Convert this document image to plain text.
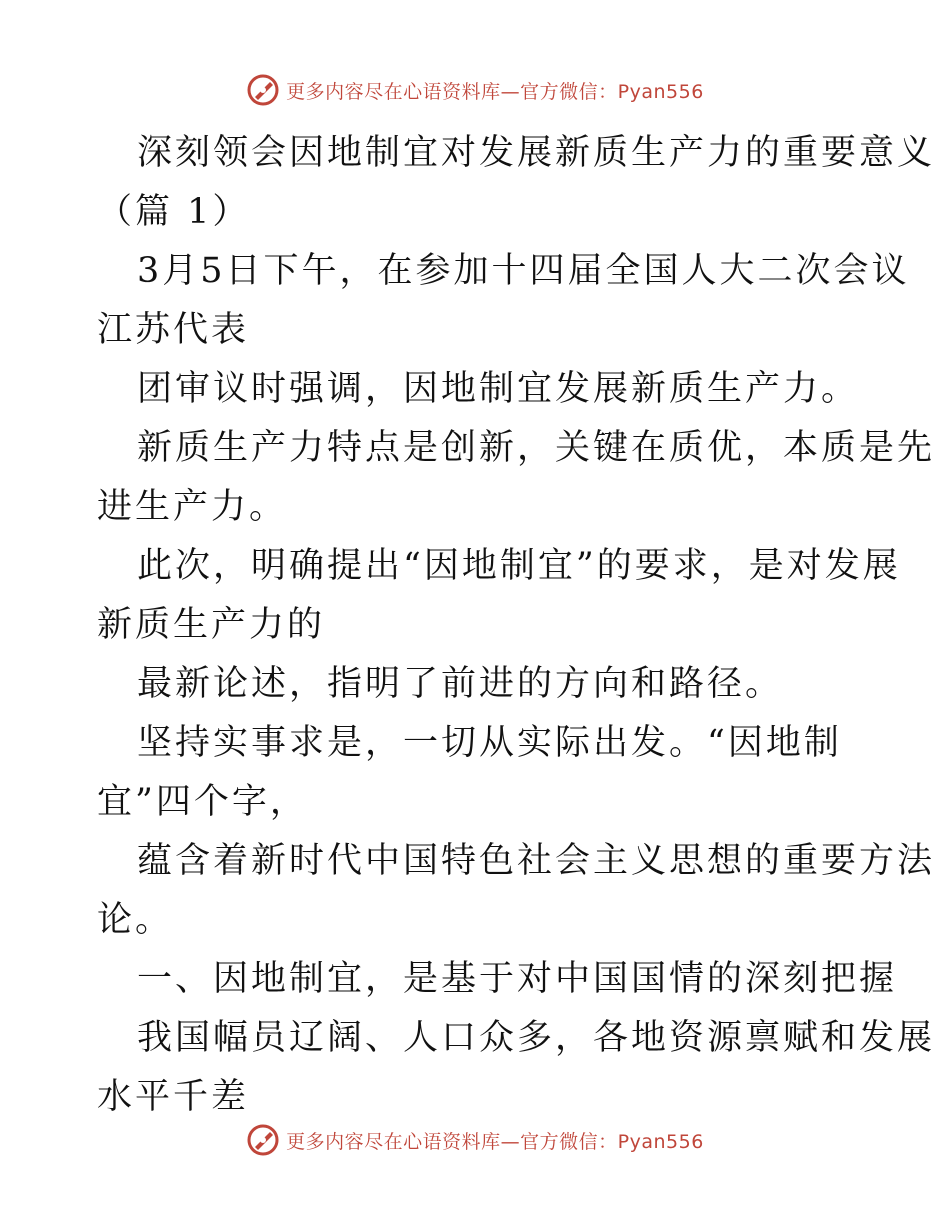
更多内容尽在心语资料库—官方微信：Pyan556
深刻领会因地制宜对发展新质生产力的重要意义
（篇 1）
3月5日下午，在参加十四届全国人大二次会议
江苏代表
团审议时强调，因地制宜发展新质生产力。
新质生产力特点是创新，关键在质优，本质是先
进生产力。
此次，明确提出“因地制宜”的要求，是对发展
新质生产力的
最新论述，指明了前进的方向和路径。
坚持实事求是，一切从实际出发。“因地制
宜”四个字，
蕴含着新时代中国特色社会主义思想的重要方法
论。
一、因地制宜，是基于对中国国情的深刻把握
我国幅员辽阔、人口众多，各地资源禀赋和发展
水平千差
更多内容尽在心语资料库—官方微信：Pyan556
